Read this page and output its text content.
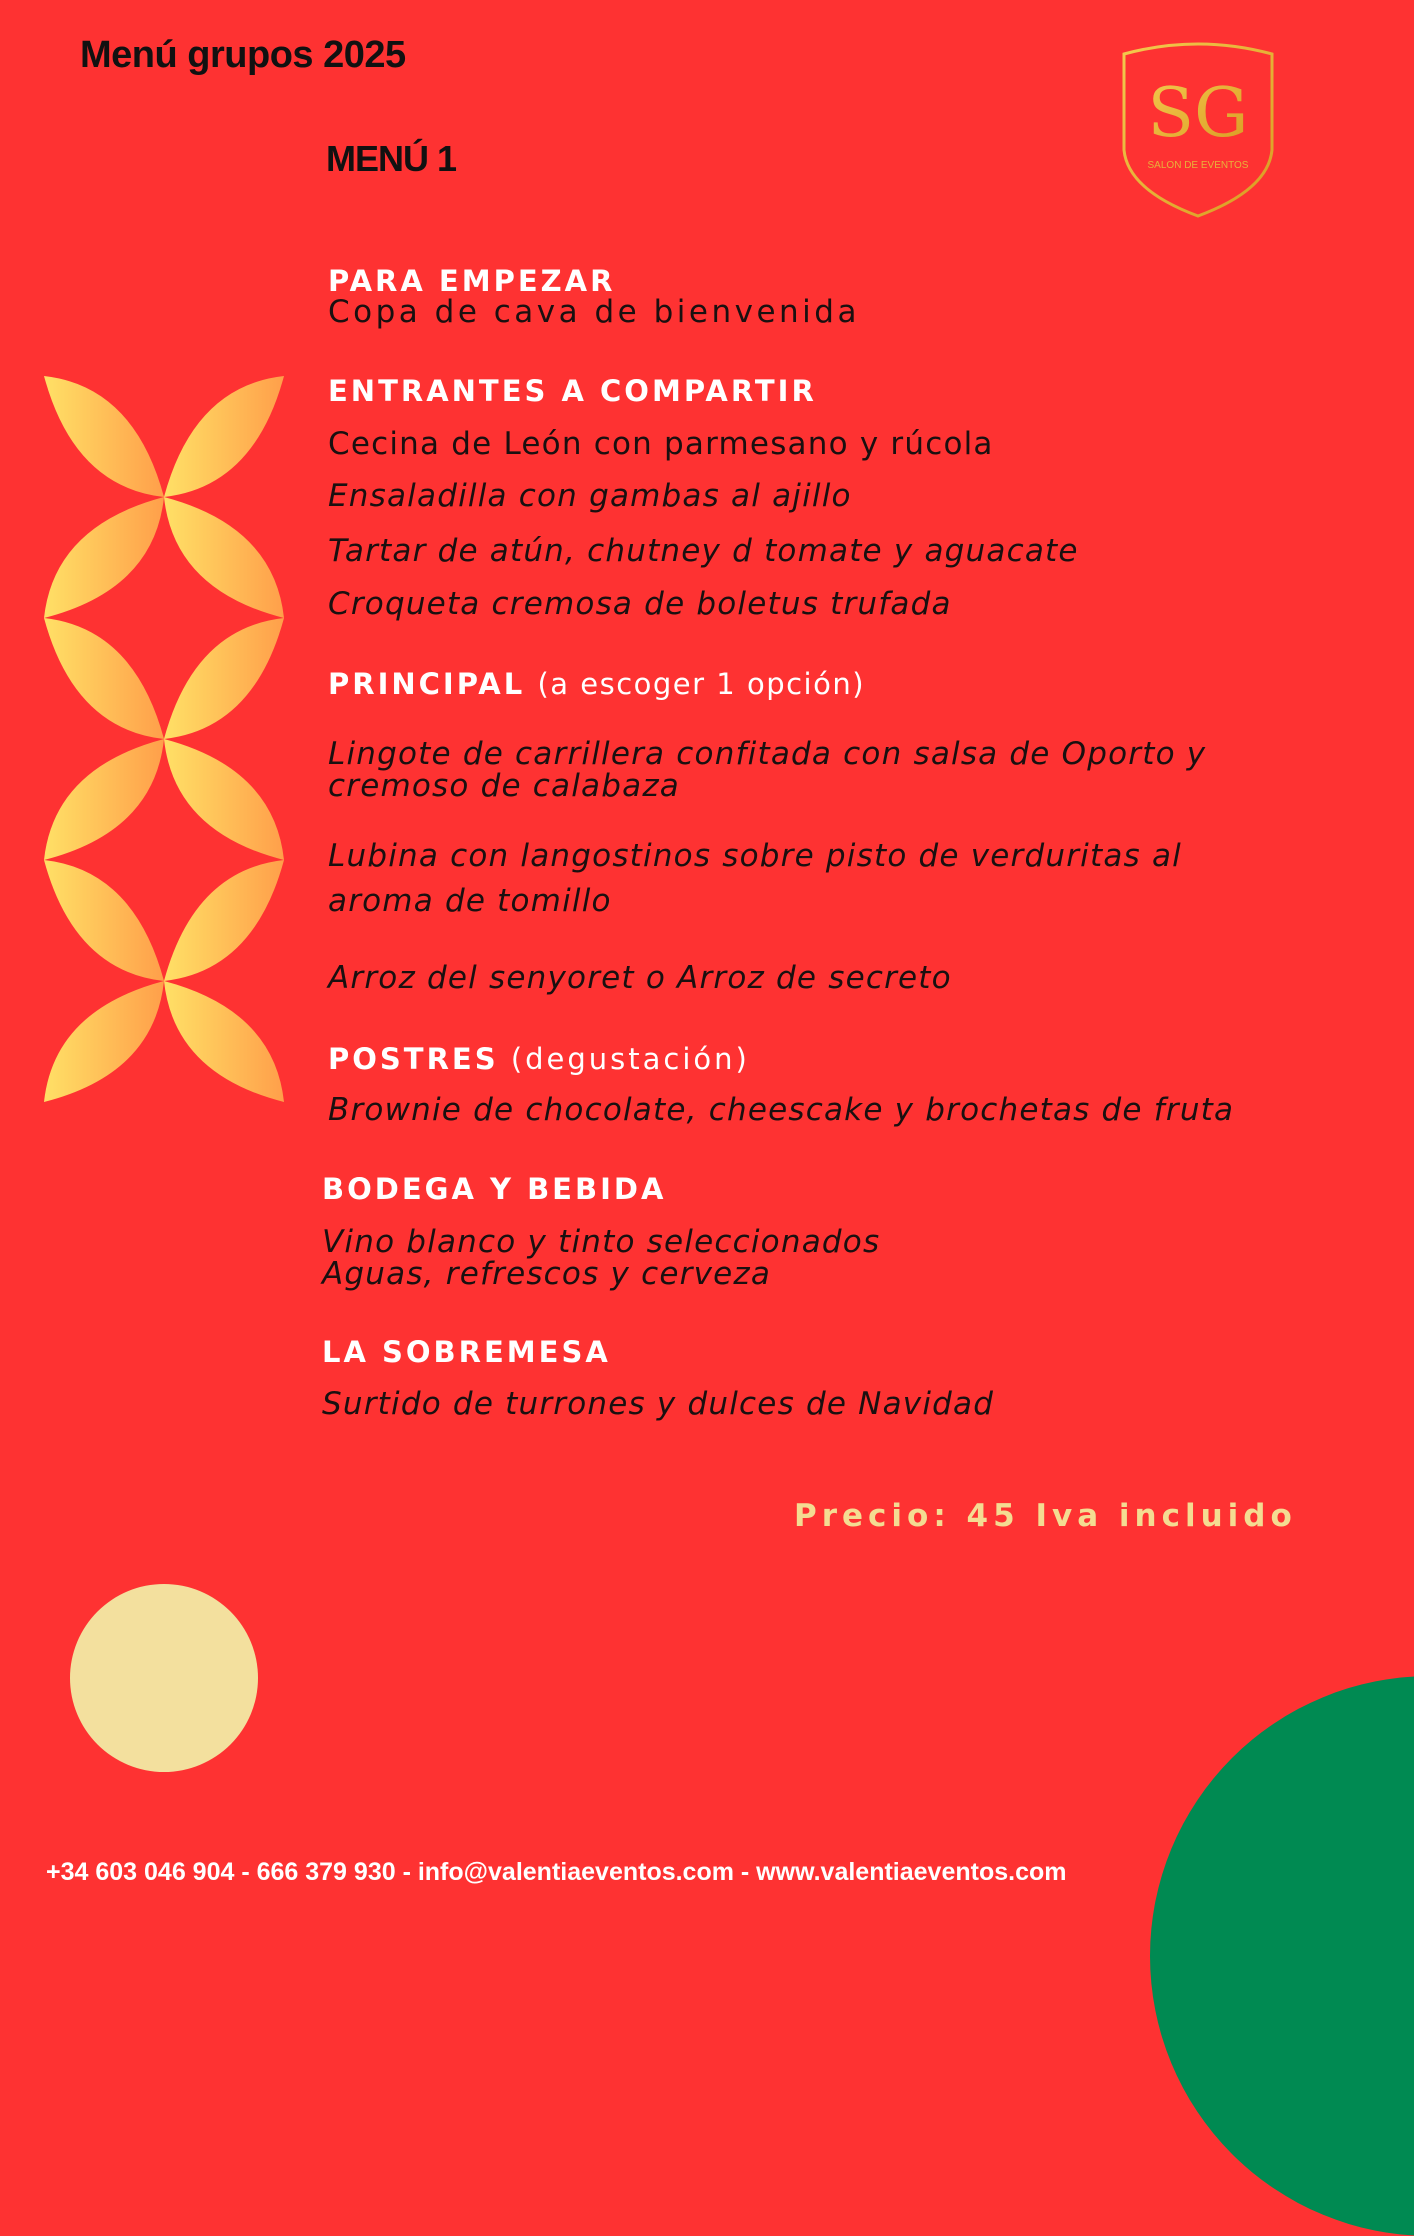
Menú grupos 2025
MENÚ 1
SG
SALON DE EVENTOS
PARA EMPEZAR
Copa de cava de bienvenida
ENTRANTES A COMPARTIR
Cecina de León con parmesano y rúcola
Ensaladilla con gambas al ajillo
Tartar de atún, chutney d tomate y aguacate
Croqueta cremosa de boletus trufada
PRINCIPAL (a escoger 1 opción)
Lingote de carrillera confitada con salsa de Oporto y
cremoso de calabaza
Lubina con langostinos sobre pisto de verduritas al
aroma de tomillo
Arroz del senyoret o Arroz de secreto
POSTRES (degustación)
Brownie de chocolate, cheescake y brochetas de fruta
BODEGA Y BEBIDA
Vino blanco y tinto seleccionados
Aguas, refrescos y cerveza
LA SOBREMESA
Surtido de turrones y dulces de Navidad
Precio: 45 Iva incluido
+34 603 046 904 - 666 379 930 - info@valentiaeventos.com - www.valentiaeventos.com
